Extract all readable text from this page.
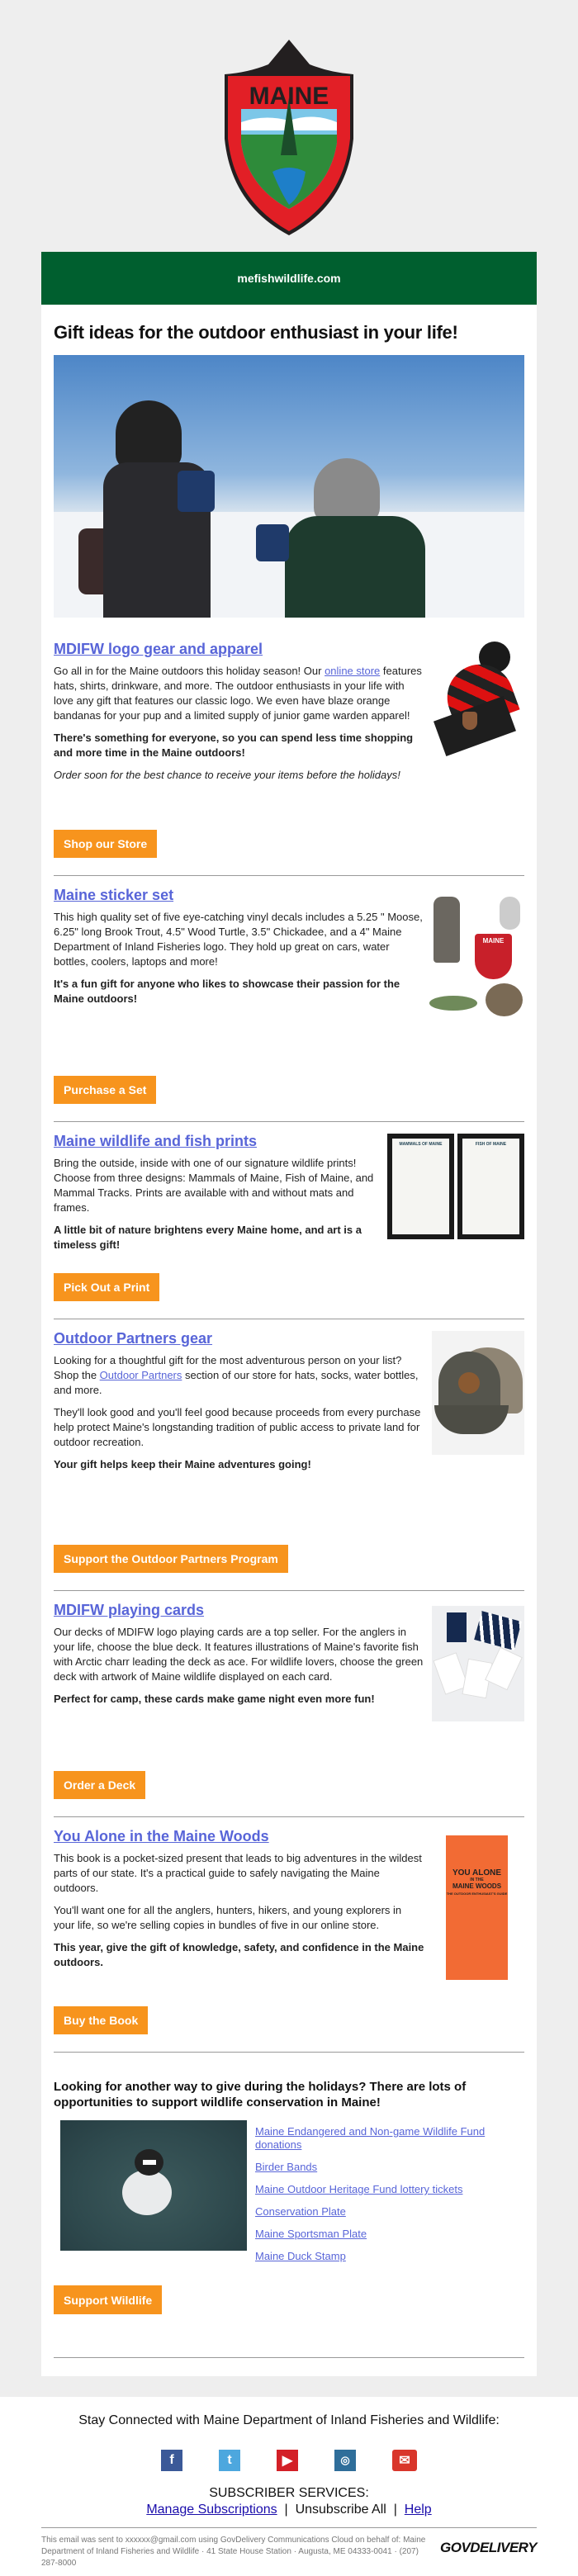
MAINE
mefishwildlife.com
Gift ideas for the outdoor enthusiast in your life!
MDIFW logo gear and apparel

Go all in for the Maine outdoors this holiday season! Our online store features hats, shirts, drinkware, and more. The outdoor enthusiasts in your life with love any gift that features our classic logo. We even have blaze orange bandanas for your pup and a limited supply of junior game warden apparel!

There's something for everyone, so you can spend less time shopping and more time in the Maine outdoors!

Order soon for the best chance to receive your items before the holidays!

Shop our Store
Maine sticker set

This high quality set of five eye-catching vinyl decals includes a 5.25 " Moose, 6.25" long Brook Trout, 4.5" Wood Turtle, 3.5" Chickadee, and a 4" Maine Department of Inland Fisheries logo. They hold up great on cars, water bottles, coolers, laptops and more!

It's a fun gift for anyone who likes to showcase their passion for the Maine outdoors!

MAINE
Purchase a Set
Maine wildlife and fish prints

Bring the outside, inside with one of our signature wildlife prints! Choose from three designs: Mammals of Maine, Fish of Maine, and Mammal Tracks. Prints are available with and without mats and frames.

A little bit of nature brightens every Maine home, and art is a timeless gift!

MAMMALS OF MAINE	FISH OF MAINE
Pick Out a Print
Outdoor Partners gear

Looking for a thoughtful gift for the most adventurous person on your list? Shop the Outdoor Partners section of our store for hats, socks, water bottles, and more.

They'll look good and you'll feel good because proceeds from every purchase help protect Maine's longstanding tradition of public access to private land for outdoor recreation.

Your gift helps keep their Maine adventures going!

Support the Outdoor Partners Program
MDIFW playing cards

Our decks of MDIFW logo playing cards are a top seller. For the anglers in your life, choose the blue deck. It features illustrations of Maine's favorite fish with Arctic charr leading the deck as ace. For wildlife lovers, choose the green deck with artwork of Maine wildlife displayed on each card.

Perfect for camp, these cards make game night even more fun!

Order a Deck
You Alone in the Maine Woods

This book is a pocket-sized present that leads to big adventures in the wildest parts of our state. It's a practical guide to safely navigating the Maine outdoors.

You'll want one for all the anglers, hunters, hikers, and young explorers in your life, so we're selling copies in bundles of five in our online store.

This year, give the gift of knowledge, safety, and confidence in the Maine outdoors.

YOU ALONE
IN THE
MAINE WOODS
THE OUTDOOR ENTHUSIAST'S GUIDE
Buy the Book
Looking for another way to give during the holidays? There are lots of opportunities to support wildlife conservation in Maine!
Maine Endangered and Non-game Wildlife Fund donations
Birder Bands
Maine Outdoor Heritage Fund lottery tickets
Conservation Plate
Maine Sportsman Plate
Maine Duck Stamp
Support Wildlife
Stay Connected with Maine Department of Inland Fisheries and Wildlife:
f	t	▶	◎	✉
SUBSCRIBER SERVICES:
Manage Subscriptions | Unsubscribe All | Help
This email was sent to xxxxxx@gmail.com using GovDelivery Communications Cloud on behalf of: Maine Department of Inland Fisheries and Wildlife · 41 State House Station · Augusta, ME 04333-0041 · (207) 287-8000
GOVDELIVERY
